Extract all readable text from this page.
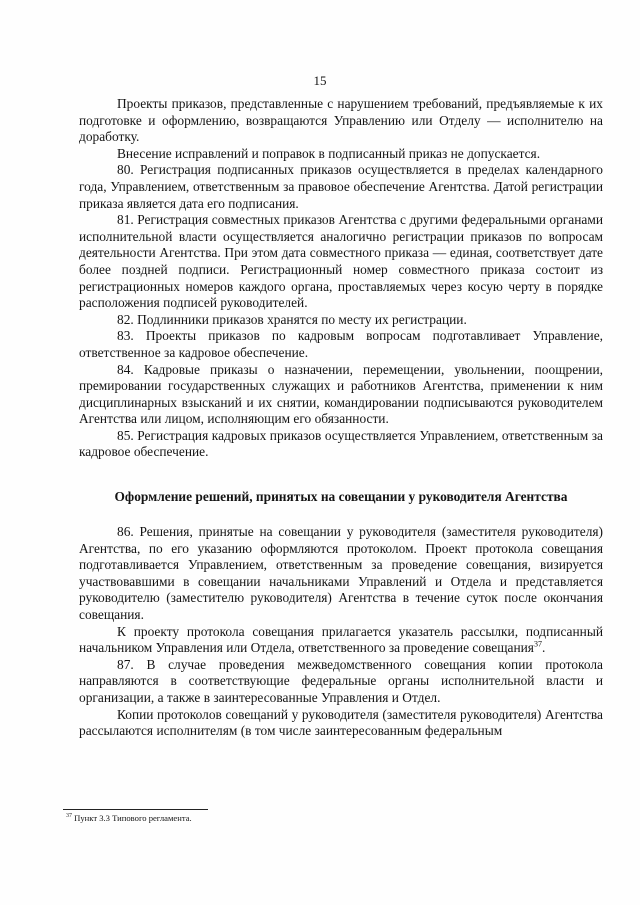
15

Проекты приказов, представленные с нарушением требований, предъявляемые к их подготовке и оформлению, возвращаются Управлению или Отделу — исполнителю на доработку.

Внесение исправлений и поправок в подписанный приказ не допускается.

80. Регистрация подписанных приказов осуществляется в пределах календарного года, Управлением, ответственным за правовое обеспечение Агентства. Датой регистрации приказа является дата его подписания.

81. Регистрация совместных приказов Агентства с другими федеральными органами исполнительной власти осуществляется аналогично регистрации приказов по вопросам деятельности Агентства. При этом дата совместного приказа — единая, соответствует дате более поздней подписи. Регистрационный номер совместного приказа состоит из регистрационных номеров каждого органа, проставляемых через косую черту в порядке расположения подписей руководителей.

82. Подлинники приказов хранятся по месту их регистрации.

83. Проекты приказов по кадровым вопросам подготавливает Управление, ответственное за кадровое обеспечение.

84. Кадровые приказы о назначении, перемещении, увольнении, поощрении, премировании государственных служащих и работников Агентства, применении к ним дисциплинарных взысканий и их снятии, командировании подписываются руководителем Агентства или лицом, исполняющим его обязанности.

85. Регистрация кадровых приказов осуществляется Управлением, ответственным за кадровое обеспечение.

Оформление решений, принятых на совещании у руководителя Агентства

86. Решения, принятые на совещании у руководителя (заместителя руководителя) Агентства, по его указанию оформляются протоколом. Проект протокола совещания подготавливается Управлением, ответственным за проведение совещания, визируется участвовавшими в совещании начальниками Управлений и Отдела и представляется руководителю (заместителю руководителя) Агентства в течение суток после окончания совещания.

К проекту протокола совещания прилагается указатель рассылки, подписанный начальником Управления или Отдела, ответственного за проведение совещания$^{37}$.

87. В случае проведения межведомственного совещания копии протокола направляются в соответствующие федеральные органы исполнительной власти и организации, а также в заинтересованные Управления и Отдел.

Копии протоколов совещаний у руководителя (заместителя руководителя) Агентства рассылаются исполнителям (в том числе заинтересованным федеральным

$^{37}$ Пункт 3.3 Типового регламента.
